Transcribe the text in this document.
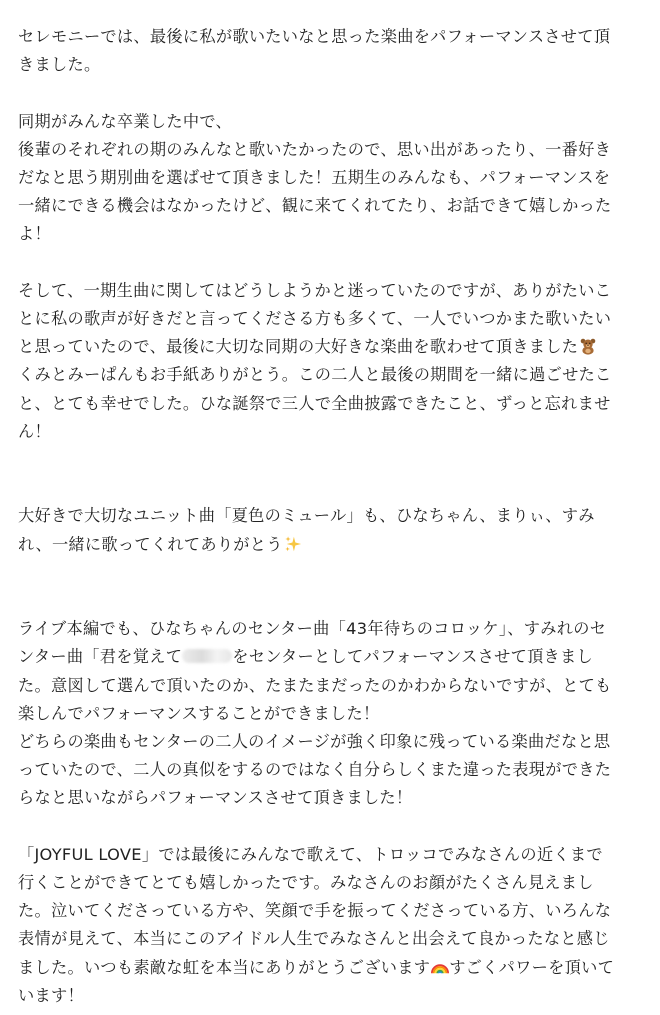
セレモニーでは、最後に私が歌いたいなと思った楽曲をパフォーマンスさせて頂

きました。

同期がみんな卒業した中で、

後輩のそれぞれの期のみんなと歌いたかったので、思い出があったり、一番好き

だなと思う期別曲を選ばせて頂きました！五期生のみんなも、パフォーマンスを

一緒にできる機会はなかったけど、観に来てくれてたり、お話できて嬉しかった

よ！

そして、一期生曲に関してはどうしようかと迷っていたのですが、ありがたいこ

とに私の歌声が好きだと言ってくださる方も多くて、一人でいつかまた歌いたい

と思っていたので、最後に大切な同期の大好きな楽曲を歌わせて頂きました

くみとみーぱんもお手紙ありがとう。この二人と最後の期間を一緒に過ごせたこ

と、とても幸せでした。ひな誕祭で三人で全曲披露できたこと、ずっと忘れませ

ん！

大好きで大切なユニット曲「夏色のミュール」も、ひなちゃん、まりぃ、すみ

れ、一緒に歌ってくれてありがとう

ライブ本編でも、ひなちゃんのセンター曲「43年待ちのコロッケ」、すみれのセ

ンター曲「君を覚えて	をセンターとしてパフォーマンスさせて頂きまし

た。意図して選んで頂いたのか、たまたまだったのかわからないですが、とても

楽しんでパフォーマンスすることができました！

どちらの楽曲もセンターの二人のイメージが強く印象に残っている楽曲だなと思

っていたので、二人の真似をするのではなく自分らしくまた違った表現ができた

らなと思いながらパフォーマンスさせて頂きました！

「JOYFUL LOVE」では最後にみんなで歌えて、トロッコでみなさんの近くまで

行くことができてとても嬉しかったです。みなさんのお顔がたくさん見えまし

た。泣いてくださっている方や、笑顔で手を振ってくださっている方、いろんな

表情が見えて、本当にこのアイドル人生でみなさんと出会えて良かったなと感じ

ました。いつも素敵な虹を本当にありがとうございます すごくパワーを頂いて

います！
